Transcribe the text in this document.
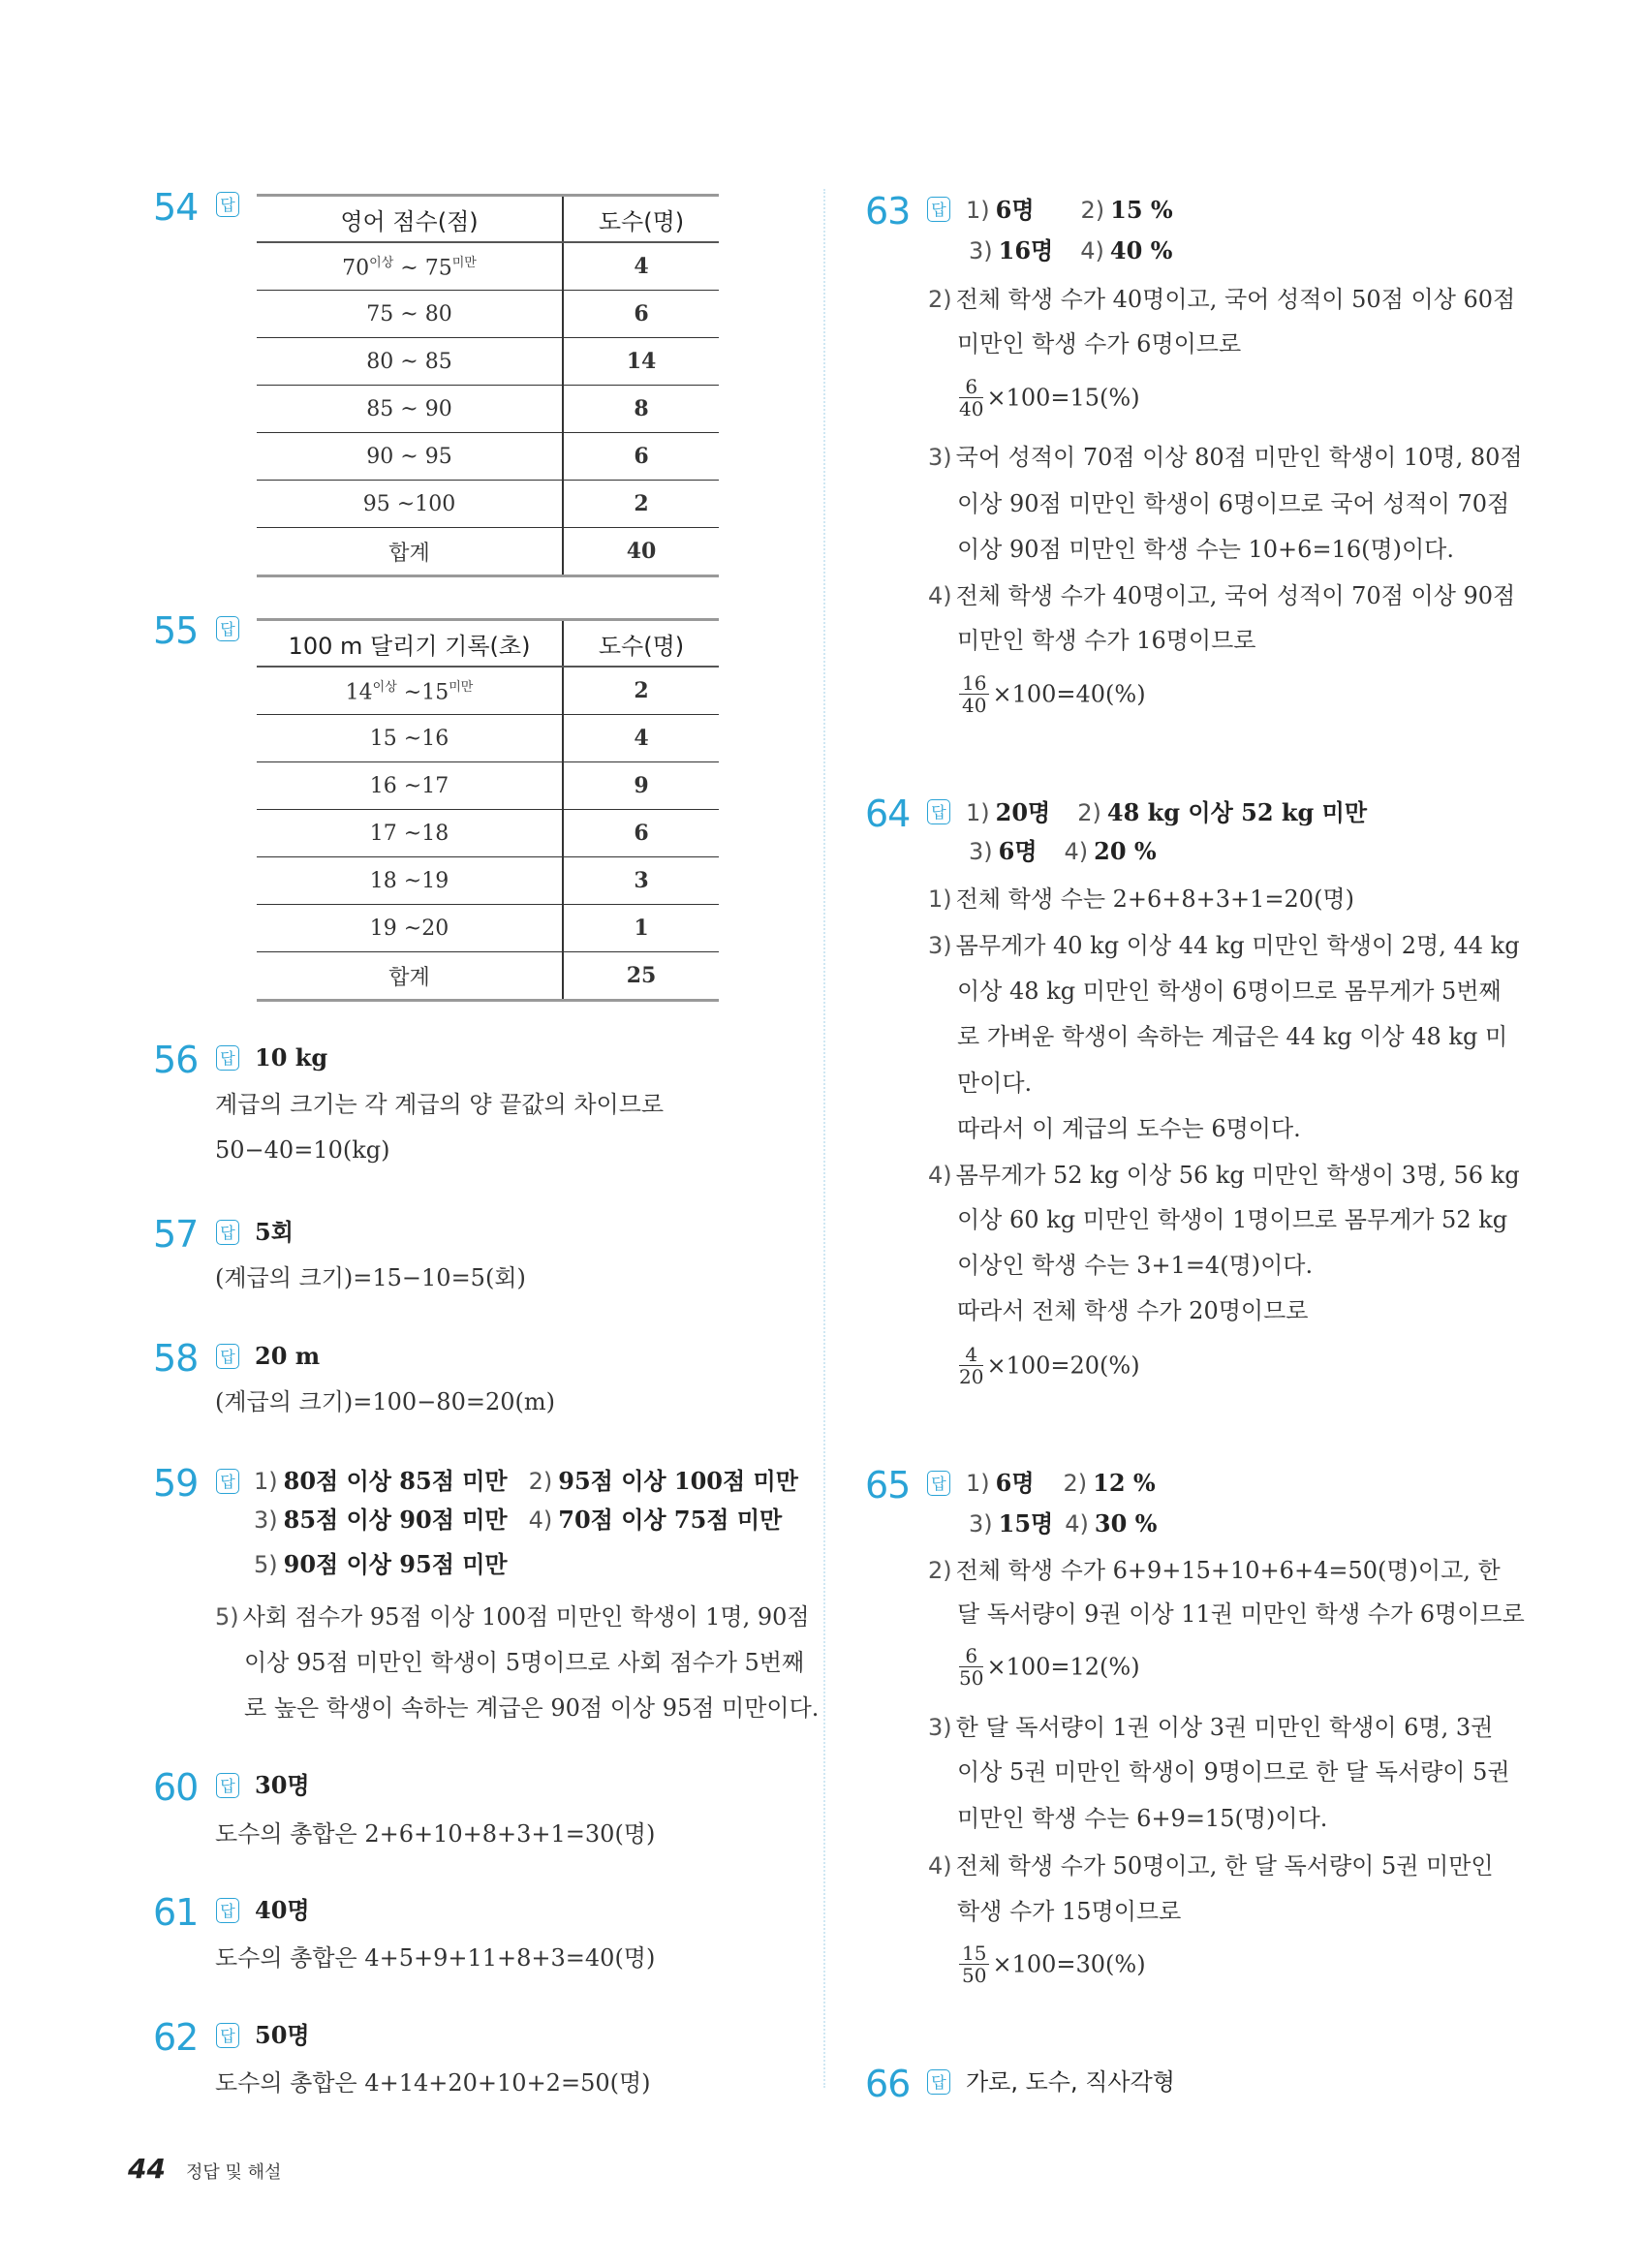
54 답
영어 점수(점)	도수(명)
$70^{이상}$ ~ $75^{미만}$	4
75 ~ 80	6
80 ~ 85	14
85 ~ 90	8
90 ~ 95	6
95 ~100	2
합계	40
55 답
100 m 달리기 기록(초)	도수(명)
$14^{이상}$ $\sim 15^{미만}$	2
15 ~16	4
16 ~17	9
17 ~18	6
18 ~19	3
19 ~20	1
합계	25
56 답 10 kg
계급의 크기는 각 계급의 양 끝값의 차이므로
50−40=10(kg)
57 답 5회
(계급의 크기)=15−10=5(회)
58 답 20 m
(계급의 크기)=100−80=20(m)
59 답 1) 80점 이상 85점 미만 2) 95점 이상 100점 미만
3) 85점 이상 90점 미만 4) 70점 이상 75점 미만
5) 90점 이상 95점 미만
5) 사회 점수가 95점 이상 100점 미만인 학생이 1명, 90점
이상 95점 미만인 학생이 5명이므로 사회 점수가 5번째
로 높은 학생이 속하는 계급은 90점 이상 95점 미만이다.
60 답 30명
도수의 총합은 2+6+10+8+3+1=30(명)
61 답 40명
도수의 총합은 4+5+9+11+8+3=40(명)
62 답 50명
도수의 총합은 4+14+20+10+2=50(명)
63 답 1) 6명 2) 15 %
3) 16명 4) 40 %
2) 전체 학생 수가 40명이고, 국어 성적이 50점 이상 60점
미만인 학생 수가 6명이므로
$\frac{6}{40} \times 100=15(\%)$
3) 국어 성적이 70점 이상 80점 미만인 학생이 10명, 80점
이상 90점 미만인 학생이 6명이므로 국어 성적이 70점
이상 90점 미만인 학생 수는 10+6=16(명)이다.
4) 전체 학생 수가 40명이고, 국어 성적이 70점 이상 90점
미만인 학생 수가 16명이므로
$\frac{16}{40} \times 100=40(\%)$
64 답 1) 20명 2) 48 kg 이상 52 kg 미만
3) 6명 4) 20 %
1) 전체 학생 수는 2+6+8+3+1=20(명)
3) 몸무게가 40 kg 이상 44 kg 미만인 학생이 2명, 44 kg
이상 48 kg 미만인 학생이 6명이므로 몸무게가 5번째
로 가벼운 학생이 속하는 계급은 44 kg 이상 48 kg 미
만이다.
따라서 이 계급의 도수는 6명이다.
4) 몸무게가 52 kg 이상 56 kg 미만인 학생이 3명, 56 kg
이상 60 kg 미만인 학생이 1명이므로 몸무게가 52 kg
이상인 학생 수는 3+1=4(명)이다.
따라서 전체 학생 수가 20명이므로
$\frac{4}{20} \times 100=20(\%)$
65 답 1) 6명 2) 12 %
3) 15명 4) 30 %
2) 전체 학생 수가 6+9+15+10+6+4=50(명)이고, 한
달 독서량이 9권 이상 11권 미만인 학생 수가 6명이므로
$\frac{6}{50} \times 100=12(\%)$
3) 한 달 독서량이 1권 이상 3권 미만인 학생이 6명, 3권
이상 5권 미만인 학생이 9명이므로 한 달 독서량이 5권
미만인 학생 수는 6+9=15(명)이다.
4) 전체 학생 수가 50명이고, 한 달 독서량이 5권 미만인
학생 수가 15명이므로
$\frac{15}{50} \times 100=30(\%)$
66 답 가로, 도수, 직사각형
44 정답 및 해설
